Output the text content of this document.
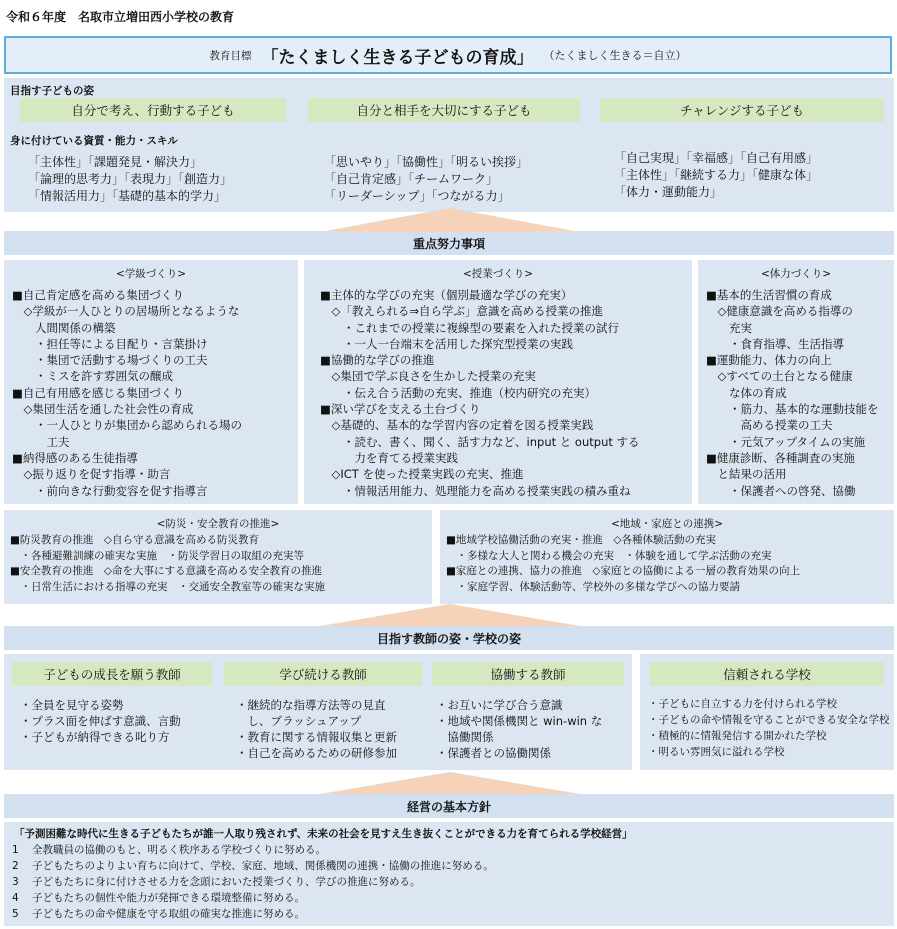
令和６年度　名取市立増田西小学校の教育
教育目標 「たくましく生きる子どもの育成」 （たくましく生きる＝自立）
目指す子どもの姿
自分で考え、行動する子ども	自分と相手を大切にする子ども	チャレンジする子ども
身に付けている資質・能力・スキル
「主体性」「課題発見・解決力」
「論理的思考力」「表現力」「創造力」
「情報活用力」「基礎的基本的学力」
「思いやり」「協働性」「明るい挨拶」
「自己肯定感」「チームワーク」
「リーダーシップ」「つながる力」
「自己実現」「幸福感」「自己有用感」
「主体性」「継続する力」「健康な体」
「体力・運動能力」
重点努力事項
<学級づくり>
■自己肯定感を高める集団づくり
　◇学級が一人ひとりの居場所となるような
　　人間関係の構築
　　・担任等による目配り・言葉掛け
　　・集団で活動する場づくりの工夫
　　・ミスを許す雰囲気の醸成
■自己有用感を感じる集団づくり
　◇集団生活を通した社会性の育成
　　・一人ひとりが集団から認められる場の
　　　工夫
■納得感のある生徒指導
　◇振り返りを促す指導・助言
　　・前向きな行動変容を促す指導言
<授業づくり>
■主体的な学びの充実（個別最適な学びの充実）
　◇「教えられる⇒自ら学ぶ」意識を高める授業の推進
　　・これまでの授業に複線型の要素を入れた授業の試行
　　・一人一台端末を活用した探究型授業の実践
■協働的な学びの推進
　◇集団で学ぶ良さを生かした授業の充実
　　・伝え合う活動の充実、推進（校内研究の充実）
■深い学びを支える土台づくり
　◇基礎的、基本的な学習内容の定着を図る授業実践
　　・読む、書く、聞く、話す力など、input と output する
　　　力を育てる授業実践
　◇ICT を使った授業実践の充実、推進
　　・情報活用能力、処理能力を高める授業実践の積み重ね
<体力づくり>
■基本的生活習慣の育成
　◇健康意識を高める指導の
　　充実
　　・食育指導、生活指導
■運動能力、体力の向上
　◇すべての土台となる健康
　　な体の育成
　　・筋力、基本的な運動技能を
　　　高める授業の工夫
　　・元気アップタイムの実施
■健康診断、各種調査の実施
　と結果の活用
　　・保護者への啓発、協働
<防災・安全教育の推進>
■防災教育の推進　◇自ら守る意識を高める防災教育
　・各種避難訓練の確実な実施　・防災学習日の取組の充実等
■安全教育の推進　◇命を大事にする意識を高める安全教育の推進
　・日常生活における指導の充実　・交通安全教室等の確実な実施
<地域・家庭との連携>
■地域学校協働活動の充実・推進　◇各種体験活動の充実
　・多様な大人と関わる機会の充実　・体験を通して学ぶ活動の充実
■家庭との連携、協力の推進　◇家庭との協働による一層の教育効果の向上
　・家庭学習、体験活動等、学校外の多様な学びへの協力要請
目指す教師の姿・学校の姿
子どもの成長を願う教師
・全員を見守る姿勢
・プラス面を伸ばす意識、言動
・子どもが納得できる叱り方
学び続ける教師
・継続的な指導方法等の見直
　し、ブラッシュアップ
・教育に関する情報収集と更新
・自己を高めるための研修参加
協働する教師
・お互いに学び合う意識
・地域や関係機関と win-win な
　協働関係
・保護者との協働関係
信頼される学校
・子どもに自立する力を付けられる学校
・子どもの命や情報を守ることができる安全な学校
・積極的に情報発信する開かれた学校
・明るい雰囲気に溢れる学校
経営の基本方針
「予測困難な時代に生きる子どもたちが誰一人取り残されず、未来の社会を見すえ生き抜くことができる力を育てられる学校経営」
1 全教職員の協働のもと、明るく秩序ある学校づくりに努める。
2 子どもたちのよりよい育ちに向けて、学校、家庭、地域、関係機関の連携・協働の推進に努める。
3 子どもたちに身に付けさせる力を念頭においた授業づくり、学びの推進に努める。
4 子どもたちの個性や能力が発揮できる環境整備に努める。
5 子どもたちの命や健康を守る取組の確実な推進に努める。
